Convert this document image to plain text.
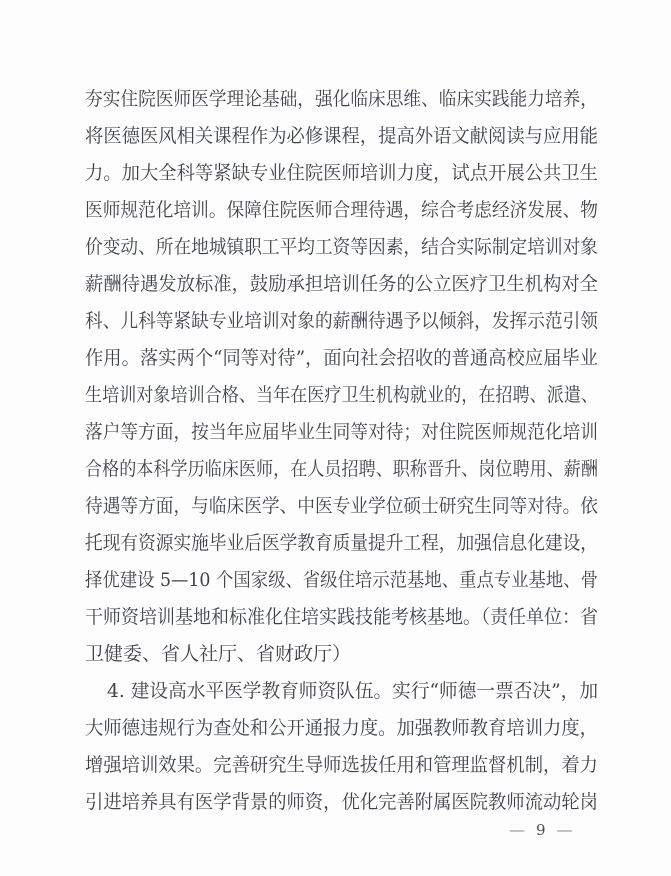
夯实住院医师医学理论基础，强化临床思维、临床实践能力培养，
将医德医风相关课程作为必修课程，提高外语文献阅读与应用能
力。加大全科等紧缺专业住院医师培训力度，试点开展公共卫生
医师规范化培训。保障住院医师合理待遇，综合考虑经济发展、物
价变动、所在地城镇职工平均工资等因素，结合实际制定培训对象
薪酬待遇发放标准，鼓励承担培训任务的公立医疗卫生机构对全
科、儿科等紧缺专业培训对象的薪酬待遇予以倾斜，发挥示范引领
作用。落实两个“同等对待”，面向社会招收的普通高校应届毕业
生培训对象培训合格、当年在医疗卫生机构就业的，在招聘、派遣、
落户等方面，按当年应届毕业生同等对待；对住院医师规范化培训
合格的本科学历临床医师，在人员招聘、职称晋升、岗位聘用、薪酬
待遇等方面，与临床医学、中医专业学位硕士研究生同等对待。依
托现有资源实施毕业后医学教育质量提升工程，加强信息化建设，
择优建设 5—10 个国家级、省级住培示范基地、重点专业基地、骨
干师资培训基地和标准化住培实践技能考核基地。（责任单位：省
卫健委、省人社厅、省财政厅）
4. 建设高水平医学教育师资队伍。实行“师德一票否决”，加
大师德违规行为查处和公开通报力度。加强教师教育培训力度，
增强培训效果。完善研究生导师选拔任用和管理监督机制，着力
引进培养具有医学背景的师资，优化完善附属医院教师流动轮岗
— 9 —
